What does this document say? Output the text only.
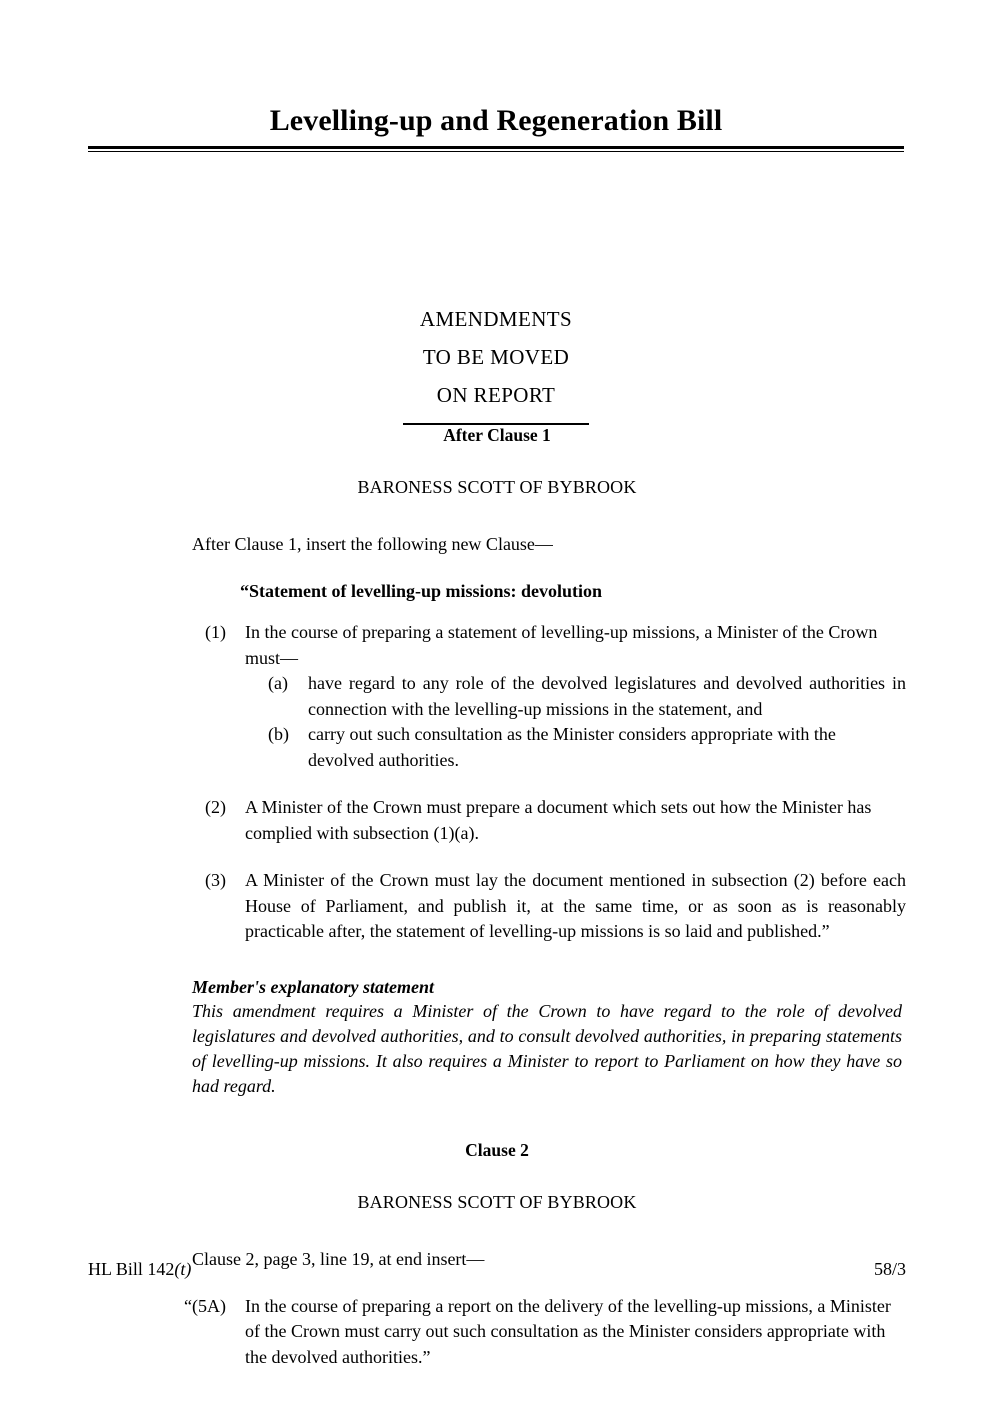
Levelling-up and Regeneration Bill
AMENDMENTS
TO BE MOVED
ON REPORT
After Clause 1
BARONESS SCOTT OF BYBROOK

After Clause 1, insert the following new Clause—

“Statement of levelling-up missions: devolution

(1)	In the course of preparing a statement of levelling-up missions, a Minister of the Crown must—

(a)	have regard to any role of the devolved legislatures and devolved authorities in connection with the levelling-up missions in the statement, and

(b)	carry out such consultation as the Minister considers appropriate with the devolved authorities.

(2)	A Minister of the Crown must prepare a document which sets out how the Minister has complied with subsection (1)(a).

(3)	A Minister of the Crown must lay the document mentioned in subsection (2) before each House of Parliament, and publish it, at the same time, or as soon as is reasonably practicable after, the statement of levelling-up missions is so laid and published.”

Member's explanatory statement

This amendment requires a Minister of the Crown to have regard to the role of devolved legislatures and devolved authorities, and to consult devolved authorities, in preparing statements of levelling-up missions. It also requires a Minister to report to Parliament on how they have so had regard.

Clause 2
BARONESS SCOTT OF BYBROOK

Clause 2, page 3, line 19, at end insert—

“(5A)	In the course of preparing a report on the delivery of the levelling-up missions, a Minister of the Crown must carry out such consultation as the Minister considers appropriate with the devolved authorities.”

HL Bill 142(t)	58/3
